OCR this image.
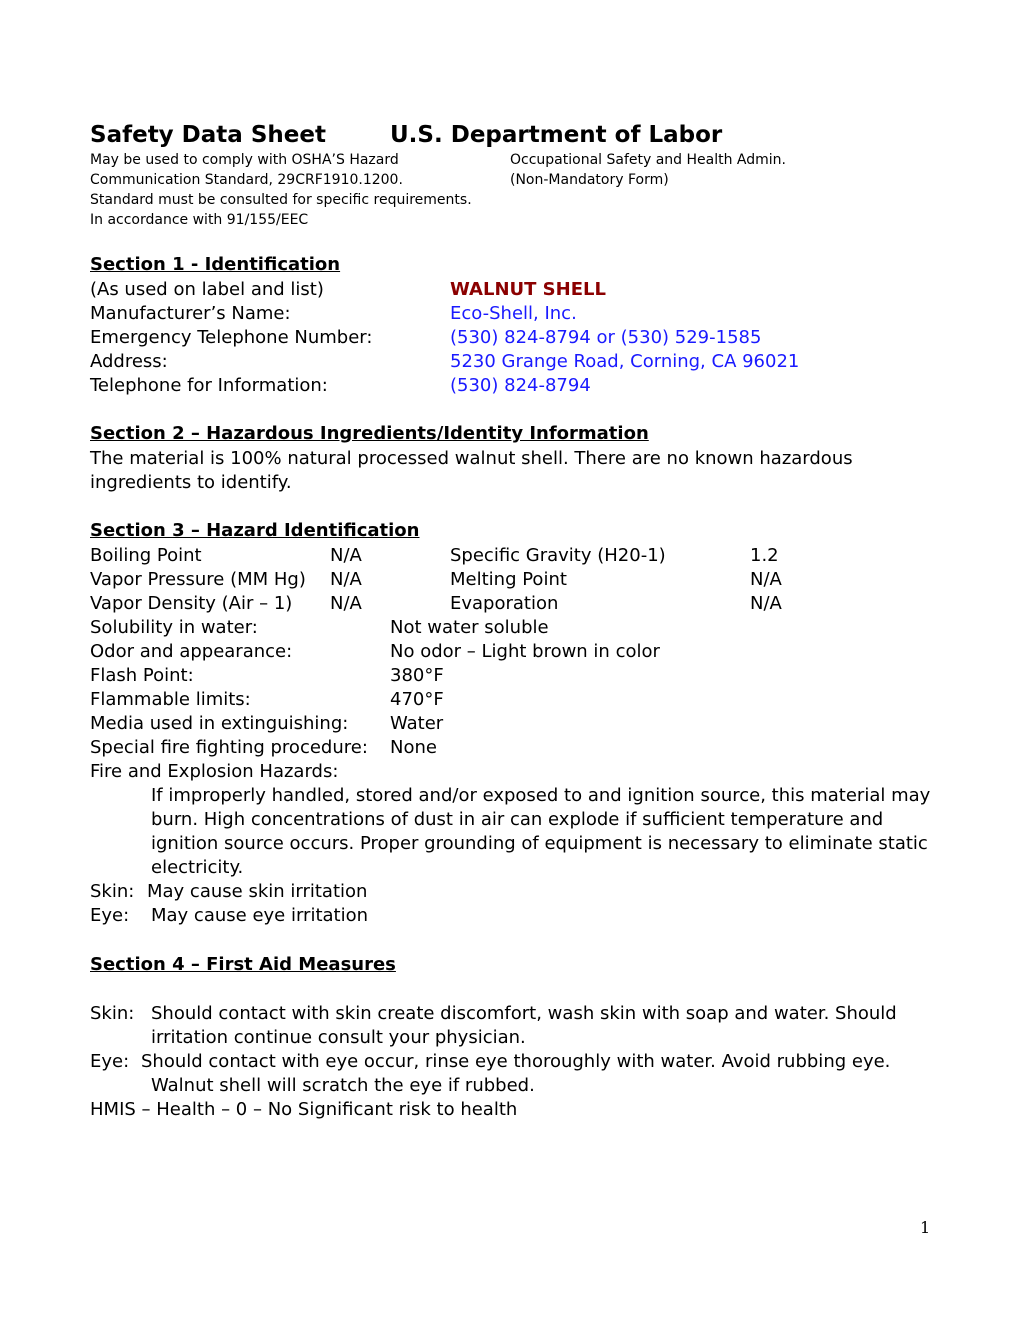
Safety Data Sheet	U.S. Department of Labor
May be used to comply with OSHA’S Hazard
Communication Standard, 29CRF1910.1200.
Standard must be consulted for specific requirements.
In accordance with 91/155/EEC
Occupational Safety and Health Admin.
(Non-Mandatory Form)
Section 1 - Identification
(As used on label and list)	WALNUT SHELL
Manufacturer’s Name:	Eco-Shell, Inc.
Emergency Telephone Number:	(530) 824-8794 or (530) 529-1585
Address:	5230 Grange Road, Corning, CA 96021
Telephone for Information:	(530) 824-8794
Section 2 – Hazardous Ingredients/Identity Information
The material is 100% natural processed walnut shell. There are no known hazardous
ingredients to identify.
Section 3 – Hazard Identification
Boiling Point	N/A	Specific Gravity (H20-1)	1.2
Vapor Pressure (MM Hg) N/A	Melting Point	N/A
Vapor Density (Air – 1) N/A	Evaporation	N/A
Solubility in water:	Not water soluble
Odor and appearance:	No odor – Light brown in color
Flash Point:	380°F
Flammable limits:	470°F
Media used in extinguishing: Water
Special fire fighting procedure: None
Fire and Explosion Hazards:
If improperly handled, stored and/or exposed to and ignition source, this material may burn. High concentrations of dust in air can explode if sufficient temperature and ignition source occurs. Proper grounding of equipment is necessary to eliminate static electricity.
Skin: May cause skin irritation
Eye: May cause eye irritation
Section 4 – First Aid Measures
Skin: Should contact with skin create discomfort, wash skin with soap and water. Should irritation continue consult your physician.
Eye: Should contact with eye occur, rinse eye thoroughly with water. Avoid rubbing eye.
Walnut shell will scratch the eye if rubbed.
HMIS – Health – 0 – No Significant risk to health
1
